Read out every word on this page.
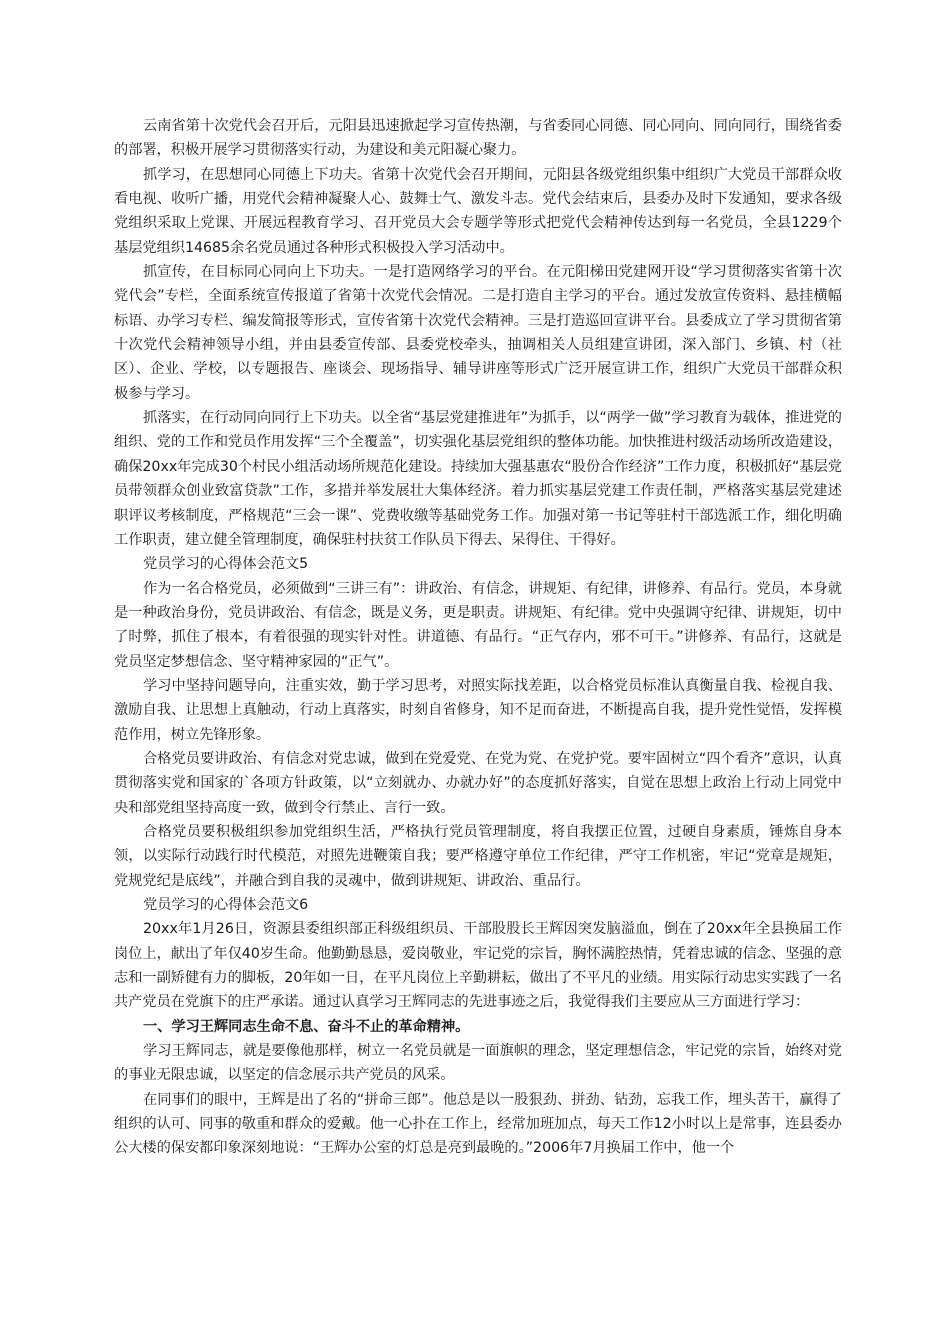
云南省第十次党代会召开后，元阳县迅速掀起学习宣传热潮，与省委同心同德、同心同向、同向同行，围绕省委的部署，积极开展学习贯彻落实行动，为建设和美元阳凝心聚力。

抓学习，在思想同心同德上下功夫。省第十次党代会召开期间，元阳县各级党组织集中组织广大党员干部群众收看电视、收听广播，用党代会精神凝聚人心、鼓舞士气、激发斗志。党代会结束后，县委办及时下发通知，要求各级党组织采取上党课、开展远程教育学习、召开党员大会专题学等形式把党代会精神传达到每一名党员，全县1229个基层党组织14685余名党员通过各种形式积极投入学习活动中。

抓宣传，在目标同心同向上下功夫。一是打造网络学习的平台。在元阳梯田党建网开设“学习贯彻落实省第十次党代会”专栏，全面系统宣传报道了省第十次党代会情况。二是打造自主学习的平台。通过发放宣传资料、悬挂横幅标语、办学习专栏、编发简报等形式，宣传省第十次党代会精神。三是打造巡回宣讲平台。县委成立了学习贯彻省第十次党代会精神领导小组，并由县委宣传部、县委党校牵头，抽调相关人员组建宣讲团，深入部门、乡镇、村（社区）、企业、学校，以专题报告、座谈会、现场指导、辅导讲座等形式广泛开展宣讲工作，组织广大党员干部群众积极参与学习。

抓落实，在行动同向同行上下功夫。以全省“基层党建推进年”为抓手，以“两学一做”学习教育为载体，推进党的组织、党的工作和党员作用发挥“三个全覆盖”，切实强化基层党组织的整体功能。加快推进村级活动场所改造建设，确保20xx年完成30个村民小组活动场所规范化建设。持续加大强基惠农“股份合作经济”工作力度，积极抓好“基层党员带领群众创业致富贷款”工作，多措并举发展壮大集体经济。着力抓实基层党建工作责任制，严格落实基层党建述职评议考核制度，严格规范“三会一课”、党费收缴等基础党务工作。加强对第一书记等驻村干部选派工作，细化明确工作职责，建立健全管理制度，确保驻村扶贫工作队员下得去、呆得住、干得好。

党员学习的心得体会范文5

作为一名合格党员，必须做到“三讲三有”：讲政治、有信念，讲规矩、有纪律，讲修养、有品行。党员，本身就是一种政治身份，党员讲政治、有信念，既是义务，更是职责。讲规矩、有纪律。党中央强调守纪律、讲规矩，切中了时弊，抓住了根本，有着很强的现实针对性。讲道德、有品行。“正气存内，邪不可干。”讲修养、有品行，这就是党员坚定梦想信念、坚守精神家园的“正气”。

学习中坚持问题导向，注重实效，勤于学习思考，对照实际找差距，以合格党员标准认真衡量自我、检视自我、激励自我、让思想上真触动，行动上真落实，时刻自省修身，知不足而奋进，不断提高自我，提升党性觉悟，发挥模范作用，树立先锋形象。

合格党员要讲政治、有信念对党忠诚，做到在党爱党、在党为党、在党护党。要牢固树立“四个看齐”意识，认真贯彻落实党和国家的`各项方针政策，以“立刻就办、办就办好”的态度抓好落实，自觉在思想上政治上行动上同党中央和部党组坚持高度一致，做到令行禁止、言行一致。

合格党员要积极组织参加党组织生活，严格执行党员管理制度，将自我摆正位置，过硬自身素质，锤炼自身本领，以实际行动践行时代模范，对照先进鞭策自我；要严格遵守单位工作纪律，严守工作机密，牢记“党章是规矩，党规党纪是底线”，并融合到自我的灵魂中，做到讲规矩、讲政治、重品行。

党员学习的心得体会范文6

20xx年1月26日，资源县委组织部正科级组织员、干部股股长王辉因突发脑溢血，倒在了20xx年全县换届工作岗位上，献出了年仅40岁生命。他勤勤恳恳，爱岗敬业，牢记党的宗旨，胸怀满腔热情，凭着忠诚的信念、坚强的意志和一副矫健有力的脚板，20年如一日，在平凡岗位上辛勤耕耘，做出了不平凡的业绩。用实际行动忠实实践了一名共产党员在党旗下的庄严承诺。通过认真学习王辉同志的先进事迹之后，我觉得我们主要应从三方面进行学习：

一、学习王辉同志生命不息、奋斗不止的革命精神。

学习王辉同志，就是要像他那样，树立一名党员就是一面旗帜的理念，坚定理想信念，牢记党的宗旨，始终对党的事业无限忠诚，以坚定的信念展示共产党员的风采。

在同事们的眼中，王辉是出了名的“拼命三郎”。他总是以一股狠劲、拼劲、钻劲，忘我工作，埋头苦干，赢得了组织的认可、同事的敬重和群众的爱戴。他一心扑在工作上，经常加班加点，每天工作12小时以上是常事，连县委办公大楼的保安都印象深刻地说：“王辉办公室的灯总是亮到最晚的。”2006年7月换届工作中，他一个
